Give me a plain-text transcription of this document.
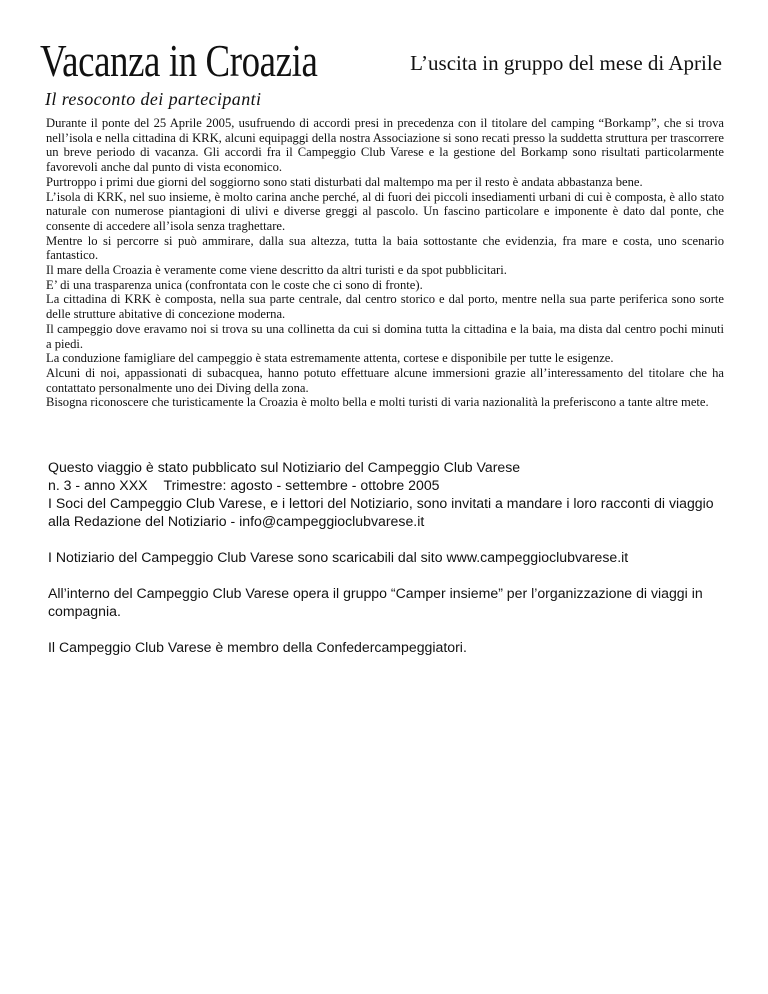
Vacanza in Croazia	L’uscita in gruppo del mese di Aprile
Il resoconto dei partecipanti

Durante il ponte del 25 Aprile 2005, usufruendo di accordi presi in precedenza con il titolare del camping “Borkamp”, che si trova nell’isola e nella cittadina di KRK, alcuni equipaggi della nostra Associazione si sono recati presso la suddetta struttura per trascorrere un breve periodo di vacanza. Gli accordi fra il Campeggio Club Varese e la gestione del Borkamp sono risultati particolarmente favorevoli anche dal punto di vista economico.

Purtroppo i primi due giorni del soggiorno sono stati disturbati dal maltempo ma per il resto è andata abbastanza bene.

L’isola di KRK, nel suo insieme, è molto carina anche perché, al di fuori dei piccoli insediamenti urbani di cui è composta, è allo stato naturale con numerose piantagioni di ulivi e diverse greggi al pascolo. Un fascino particolare e imponente è dato dal ponte, che consente di accedere all’isola senza traghettare.

Mentre lo si percorre si può ammirare, dalla sua altezza, tutta la baia sottostante che evidenzia, fra mare e costa, uno scenario fantastico.

Il mare della Croazia è veramente come viene descritto da altri turisti e da spot pubblicitari.

E’ di una trasparenza unica (confrontata con le coste che ci sono di fronte).

La cittadina di KRK è composta, nella sua parte centrale, dal centro storico e dal porto, mentre nella sua parte periferica sono sorte delle strutture abitative di concezione moderna.

Il campeggio dove eravamo noi si trova su una collinetta da cui si domina tutta la cittadina e la baia, ma dista dal centro pochi minuti a piedi.

La conduzione famigliare del campeggio è stata estremamente attenta, cortese e disponibile per tutte le esigenze.

Alcuni di noi, appassionati di subacquea, hanno potuto effettuare alcune immersioni grazie all’interessamento del titolare che ha contattato personalmente uno dei Diving della zona.

Bisogna riconoscere che turisticamente la Croazia è molto bella e molti turisti di varia nazionalità la preferiscono a tante altre mete.

Questo viaggio è stato pubblicato sul Notiziario del Campeggio Club Varese

n. 3 - anno XXX Trimestre: agosto - settembre - ottobre 2005

I Soci del Campeggio Club Varese, e i lettori del Notiziario, sono invitati a mandare i loro racconti di viaggio alla Redazione del Notiziario - info@campeggioclubvarese.it

I Notiziario del Campeggio Club Varese sono scaricabili dal sito www.campeggioclubvarese.it

All’interno del Campeggio Club Varese opera il gruppo “Camper insieme” per l’organizzazione di viaggi in compagnia.

Il Campeggio Club Varese è membro della Confedercampeggiatori.
